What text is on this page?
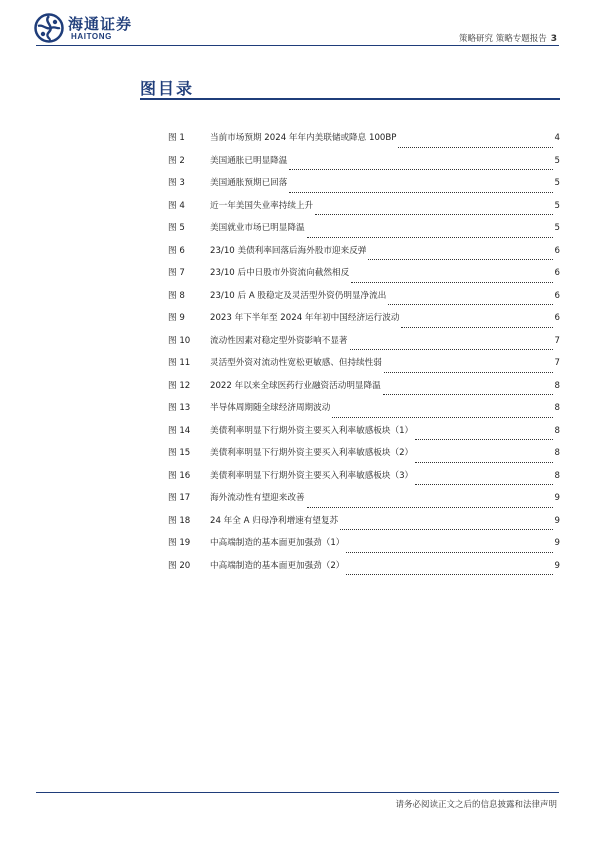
海通证券
HAITONG	策略研究 策略专题报告 3
图目录
图 1	当前市场预期 2024 年年内美联储或降息 100BP	4
图 2	美国通胀已明显降温	5
图 3	美国通胀预期已回落	5
图 4	近一年美国失业率持续上升	5
图 5	美国就业市场已明显降温	5
图 6	23/10 美债利率回落后海外股市迎来反弹	6
图 7	23/10 后中日股市外资流向截然相反	6
图 8	23/10 后 A 股稳定及灵活型外资仍明显净流出	6
图 9	2023 年下半年至 2024 年年初中国经济运行波动	6
图 10	流动性因素对稳定型外资影响不显著	7
图 11	灵活型外资对流动性宽松更敏感、但持续性弱	7
图 12	2022 年以来全球医药行业融资活动明显降温	8
图 13	半导体周期随全球经济周期波动	8
图 14	美债利率明显下行期外资主要买入利率敏感板块（1）	8
图 15	美债利率明显下行期外资主要买入利率敏感板块（2）	8
图 16	美债利率明显下行期外资主要买入利率敏感板块（3）	8
图 17	海外流动性有望迎来改善	9
图 18	24 年全 A 归母净利增速有望复苏	9
图 19	中高端制造的基本面更加强劲（1）	9
图 20	中高端制造的基本面更加强劲（2）	9
请务必阅读正文之后的信息披露和法律声明
